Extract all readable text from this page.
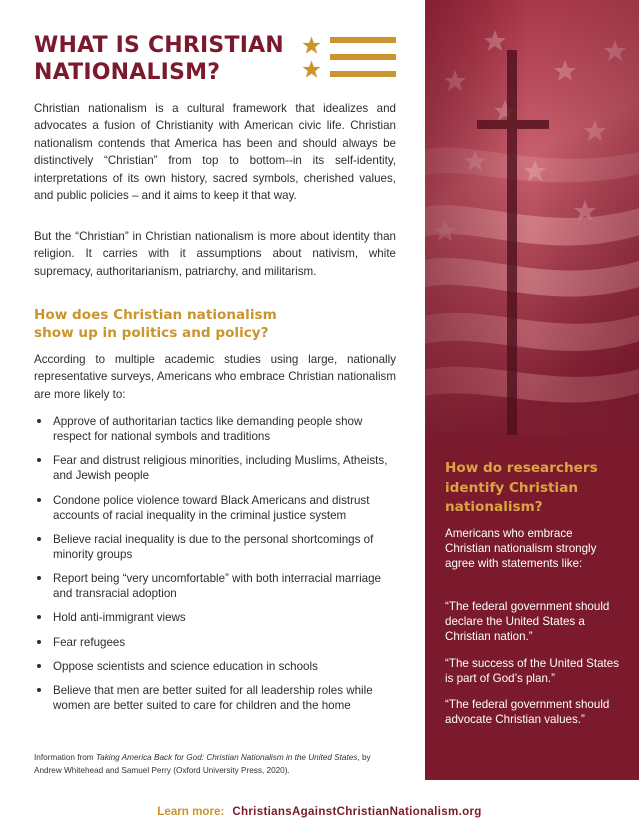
WHAT IS CHRISTIAN NATIONALISM?

Christian nationalism is a cultural framework that idealizes and advocates a fusion of Christianity with American civic life. Christian nationalism contends that America has been and should always be distinctively “Christian” from top to bottom--in its self-identity, interpretations of its own history, sacred symbols, cherished values, and public policies – and it aims to keep it that way.

But the “Christian” in Christian nationalism is more about identity than religion. It carries with it assumptions about nativism, white supremacy, authoritarianism, patriarchy, and militarism.

How does Christian nationalism
show up in politics and policy?

According to multiple academic studies using large, nationally representative surveys, Americans who embrace Christian nationalism are more likely to:

Approve of authoritarian tactics like demanding people show respect for national symbols and traditions
Fear and distrust religious minorities, including Muslims, Atheists, and Jewish people
Condone police violence toward Black Americans and distrust accounts of racial inequality in the criminal justice system
Believe racial inequality is due to the personal shortcomings of minority groups
Report being “very uncomfortable” with both interracial marriage and transracial adoption
Hold anti-immigrant views
Fear refugees
Oppose scientists and science education in schools
Believe that men are better suited for all leadership roles while women are better suited to care for children and the home

Information from Taking America Back for God: Christian Nationalism in the United States, by Andrew Whitehead and Samuel Perry (Oxford University Press, 2020).

How do researchers identify Christian nationalism?

Americans who embrace Christian nationalism strongly agree with statements like:

“The federal government should declare the United States a Christian nation.”

“The success of the United States is part of God’s plan.”

“The federal government should advocate Christian values.”

Learn more: ChristiansAgainstChristianNationalism.org
